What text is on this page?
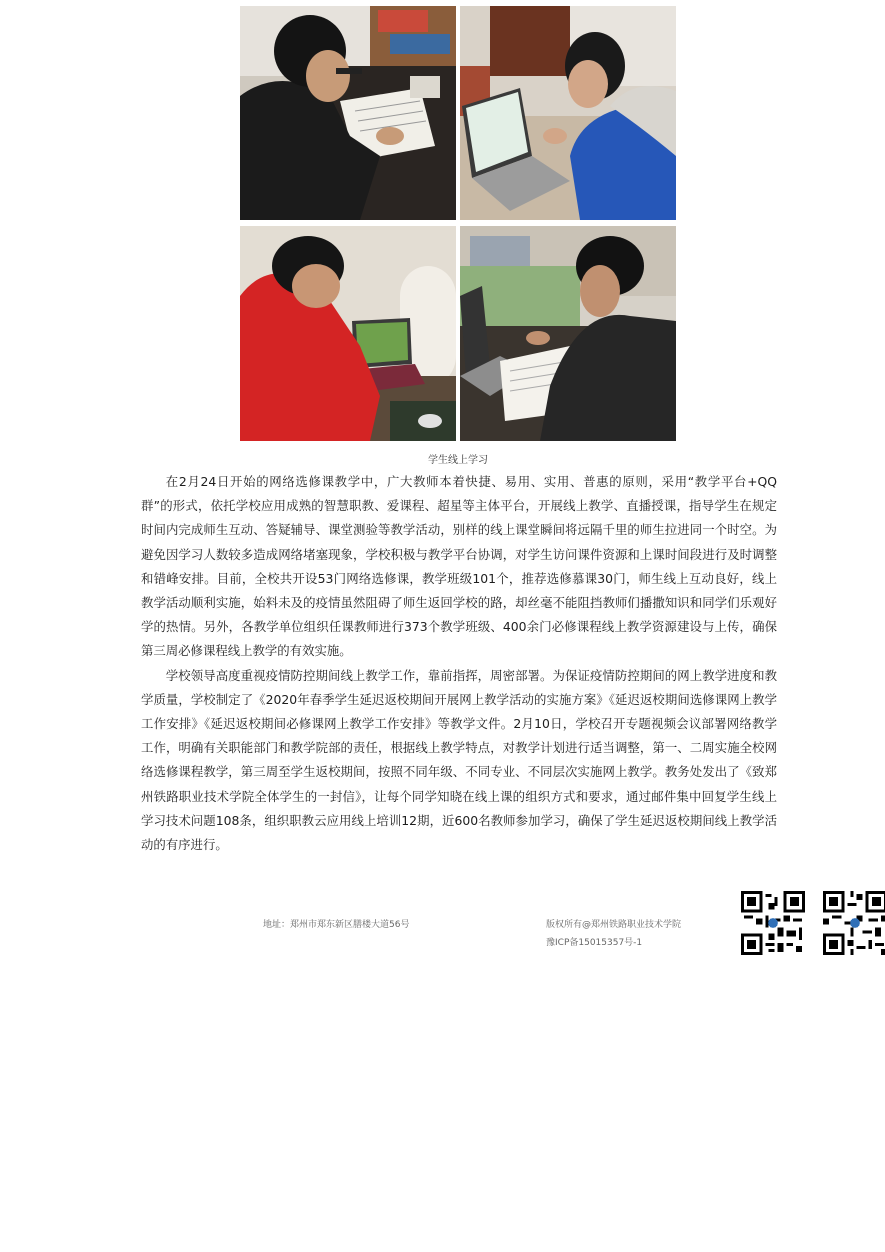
学生线上学习

在2月24日开始的网络选修课教学中，广大教师本着快捷、易用、实用、普惠的原则，采用“教学平台+QQ群”的形式，依托学校应用成熟的智慧职教、爱课程、超星等主体平台，开展线上教学、直播授课，指导学生在规定时间内完成师生互动、答疑辅导、课堂测验等教学活动，别样的线上课堂瞬间将远隔千里的师生拉进同一个时空。为避免因学习人数较多造成网络堵塞现象，学校积极与教学平台协调，对学生访问课件资源和上课时间段进行及时调整和错峰安排。目前，全校共开设53门网络选修课，教学班级101个，推荐选修慕课30门，师生线上互动良好，线上教学活动顺利实施，始料未及的疫情虽然阻碍了师生返回学校的路，却丝毫不能阻挡教师们播撒知识和同学们乐观好学的热情。另外，各教学单位组织任课教师进行373个教学班级、400余门必修课程线上教学资源建设与上传，确保第三周必修课程线上教学的有效实施。

学校领导高度重视疫情防控期间线上教学工作，靠前指挥，周密部署。为保证疫情防控期间的网上教学进度和教学质量，学校制定了《2020年春季学生延迟返校期间开展网上教学活动的实施方案》《延迟返校期间选修课网上教学工作安排》《延迟返校期间必修课网上教学工作安排》等教学文件。2月10日，学校召开专题视频会议部署网络教学工作，明确有关职能部门和教学院部的责任，根据线上教学特点，对教学计划进行适当调整，第一、二周实施全校网络选修课程教学，第三周至学生返校期间，按照不同年级、不同专业、不同层次实施网上教学。教务处发出了《致郑州铁路职业技术学院全体学生的一封信》，让每个同学知晓在线上课的组织方式和要求，通过邮件集中回复学生线上学习技术问题108条，组织职教云应用线上培训12期，近600名教师参加学习，确保了学生延迟返校期间线上教学活动的有序进行。

地址：郑州市郑东新区膳楼大道56号	版权所有@郑州铁路职业技术学院
豫ICP备15015357号-1
